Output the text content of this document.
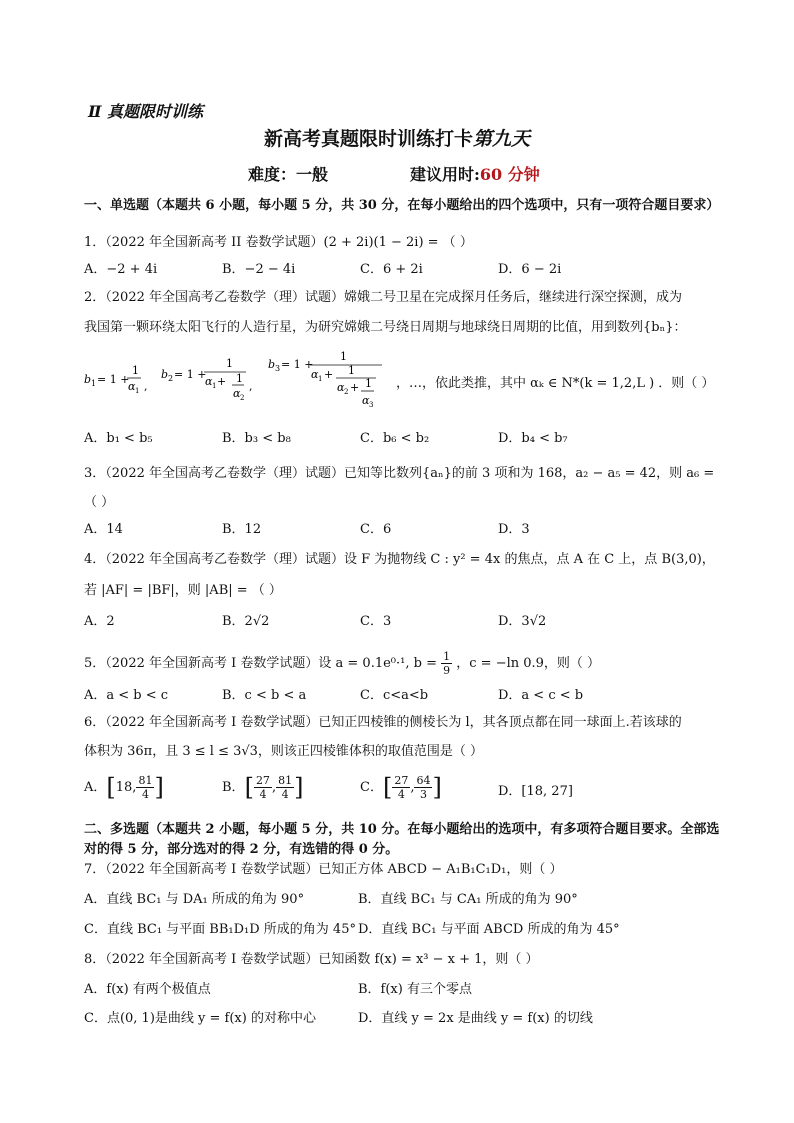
Ⅱ 真题限时训练
新高考真题限时训练打卡第九天
难度：一般	建议用时:60 分钟
一、单选题（本题共 6 小题，每小题 5 分，共 30 分，在每小题给出的四个选项中，只有一项符合题目要求）
1．（2022 年全国新高考 II 卷数学试题）(2 + 2i)(1 − 2i) = （ ）
A．−2 + 4i	B．−2 − 4i	C．6 + 2i	D．6 − 2i
2．（2022 年全国高考乙卷数学（理）试题）嫦娥二号卫星在完成探月任务后，继续进行深空探测，成为
我国第一颗环绕太阳飞行的人造行星，为研究嫦娥二号绕日周期与地球绕日周期的比值，用到数列{bₙ}：
b 1 = 1 +
1
α 1 ,
b 2 = 1 +
1
α 1 + 1
α 2
,
b 3 = 1 +
1
α 1 + 1
α 2 + 1
α 3
，…，依此类推，其中 αₖ ∈ N*(k = 1,2,L ) ．则（ ）
A．b₁ < b₅	B．b₃ < b₈	C．b₆ < b₂	D．b₄ < b₇
3．（2022 年全国高考乙卷数学（理）试题）已知等比数列{aₙ}的前 3 项和为 168，a₂ − a₅ = 42，则 a₆ =
（ ）
A．14	B．12	C．6	D．3
4．（2022 年全国高考乙卷数学（理）试题）设 F 为抛物线 C : y² = 4x 的焦点，点 A 在 C 上，点 B(3,0)，
若 |AF| = |BF|，则 |AB| = （ ）
A．2	B．2√2	C．3	D．3√2
5．（2022 年全国新高考 I 卷数学试题）设 a = 0.1e⁰·¹, $b = \frac{1}{9}$ ，c = −ln 0.9，则（ ）
A．a < b < c	B．c < b < a	C．c<a<b	D．a < c < b
6．（2022 年全国新高考 I 卷数学试题）已知正四棱锥的侧棱长为 l，其各顶点都在同一球面上.若该球的
体积为 36π，且 3 ≤ l ≤ 3√3，则该正四棱锥体积的取值范围是（ ）
A．[18, $\frac{81}{4}$ ]	B．[ $\frac{27}{4}$ , $\frac{81}{4}$ ]	C．[ $\frac{27}{4}$ , $\frac{64}{3}$ ]	D．[18, 27]
二、多选题（本题共 2 小题，每小题 5 分，共 10 分。在每小题给出的选项中，有多项符合题目要求。全部选对的得 5 分，部分选对的得 2 分，有选错的得 0 分。
7．（2022 年全国新高考 I 卷数学试题）已知正方体 ABCD − A₁B₁C₁D₁，则（ ）
A．直线 BC₁ 与 DA₁ 所成的角为 90°	B．直线 BC₁ 与 CA₁ 所成的角为 90°
C．直线 BC₁ 与平面 BB₁D₁D 所成的角为 45° D．直线 BC₁ 与平面 ABCD 所成的角为 45°
8．（2022 年全国新高考 I 卷数学试题）已知函数 f(x) = x³ − x + 1，则（ ）
A．f(x) 有两个极值点	B．f(x) 有三个零点
C．点(0, 1)是曲线 y = f(x) 的对称中心	D．直线 y = 2x 是曲线 y = f(x) 的切线
